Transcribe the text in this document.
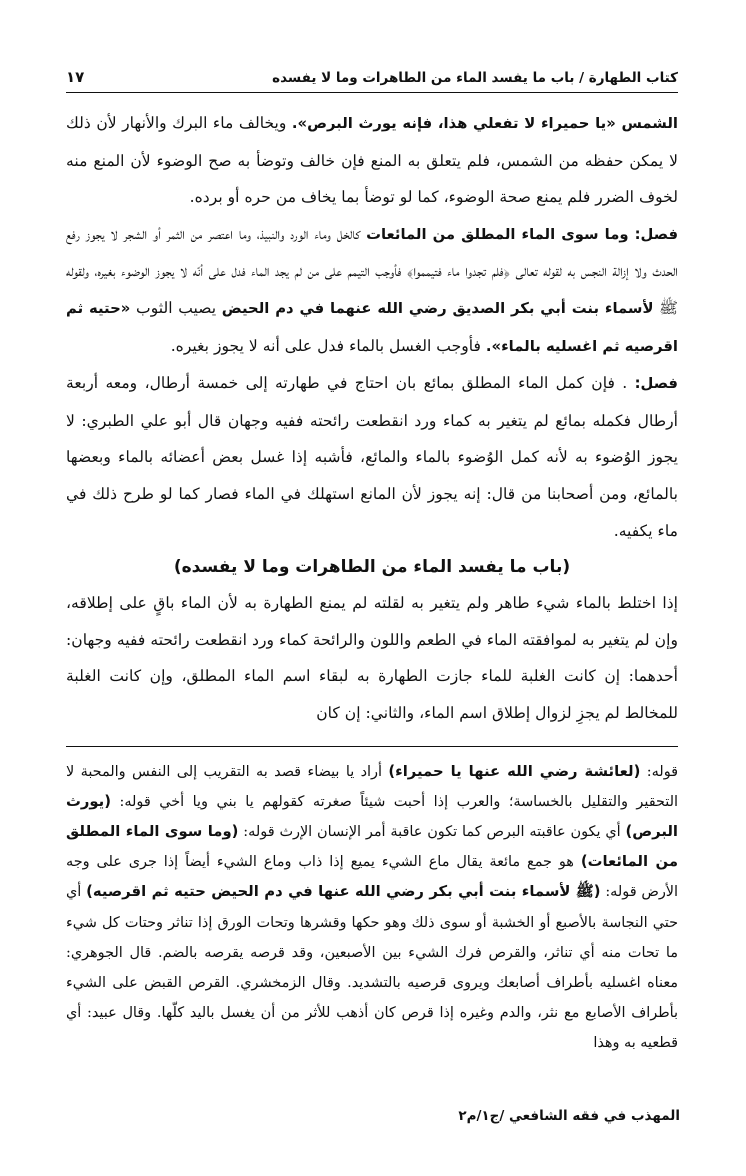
كتاب الطهارة / باب ما يفسد الماء من الطاهرات وما لا يفسده
١٧

الشمس «يا حميراء لا تفعلي هذا، فإنه يورث البرص». ويخالف ماء البرك والأنهار لأن ذلك لا يمكن حفظه من الشمس، فلم يتعلق به المنع فإن خالف وتوضأ به صح الوضوء لأن المنع منه لخوف الضرر فلم يمنع صحة الوضوء، كما لو توضأ بما يخاف من حره أو برده.

فصل: وما سوى الماء المطلق من المائعات كالخل وماء الورد والنبيذ، وما اعتصر من الثمر أو الشجر لا يجوز رفع الحدث ولا إزالة النجس به لقوله تعالى ﴿فلم تجدوا ماء فتيمموا﴾ فأوجب التيمم على من لم يجد الماء فدل على أنّه لا يجوز الوضوء بغيره، ولقوله ﷺ لأسماء بنت أبي بكر الصديق رضي الله عنهما في دم الحيض يصيب الثوب «حتيه ثم اقرصيه ثم اغسليه بالماء». فأوجب الغسل بالماء فدل على أنه لا يجوز بغيره.

فصل: . فإن كمل الماء المطلق بمائع بان احتاج في طهارته إلى خمسة أرطال، ومعه أربعة أرطال فكمله بمائع لم يتغير به كماء ورد انقطعت رائحته ففيه وجهان قال أبو علي الطبري: لا يجوز الوُضوء به لأنه كمل الوُضوء بالماء والمائع، فأشبه إذا غسل بعض أعضائه بالماء وبعضها بالمائع، ومن أصحابنا من قال: إنه يجوز لأن المانع استهلك في الماء فصار كما لو طرح ذلك في ماء يكفيه.

(باب ما يفسد الماء من الطاهرات وما لا يفسده)

إذا اختلط بالماء شيء طاهر ولم يتغير به لقلته لم يمنع الطهارة به لأن الماء باقٍ على إطلاقه، وإن لم يتغير به لموافقته الماء في الطعم واللون والرائحة كماء ورد انقطعت رائحته ففيه وجهان: أحدهما: إن كانت الغلبة للماء جازت الطهارة به لبقاء اسم الماء المطلق، وإن كانت الغلبة للمخالط لم يجزِ لزوال إطلاق اسم الماء، والثاني: إن كان

قوله: (لعائشة رضي الله عنها يا حميراء) أراد يا بيضاء قصد به التقريب إلى النفس والمحبة لا التحقير والتقليل بالخساسة؛ والعرب إذا أحبت شيئاً صغرته كقولهم يا بني ويا أخي قوله: (يورث البرص) أي يكون عاقبته البرص كما تكون عاقبة أمر الإنسان الإرث قوله: (وما سوى الماء المطلق من المائعات) هو جمع مائعة يقال ماع الشيء يميع إذا ذاب وماع الشيء أيضاً إذا جرى على وجه الأرض قوله: (ﷺ لأسماء بنت أبي بكر رضي الله عنها في دم الحيض حتيه ثم اقرصيه) أي حتي النجاسة بالأصبع أو الخشبة أو سوى ذلك وهو حكها وقشرها وتحات الورق إذا تناثر وحتات كل شيء ما تحات منه أي تناثر، والقرص فرك الشيء بين الأصبعين، وقد قرصه يقرصه بالضم. قال الجوهري: معناه اغسليه بأطراف أصابعك ويروى قرصيه بالتشديد. وقال الزمخشري. القرص القبض على الشيء بأطراف الأصابع مع نثر، والدم وغيره إذا قرص كان أذهب للأثر من أن يغسل باليد كلّها. وقال عبيد: أي قطعيه به وهذا

المهذب في فقه الشافعي /ج١/م٢
